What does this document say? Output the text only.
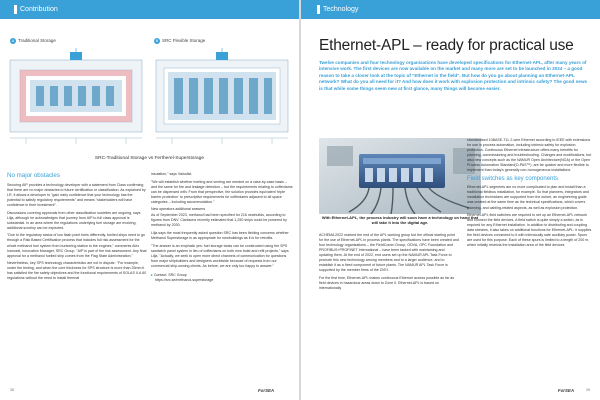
Contribution
A Traditional Storage	B SRC Flexible Storage
SRC-Traditional Storage vs Fertherel-Superstorage
No major obstacles

Securing AIP provides a technology developer with a statement from Class confirming that there are no major obstacles to future certification or classification. As explained by LR, it allows a developer to "gain early confidence that your technology has the potential to satisfy regulatory requirements" and means "stakeholders will have confidence in their investment".

Discussions covering approvals from other classification societies are ongoing, says Lilja, although he acknowledges that journey from AIP to full class approval is substantial. In an area where the regulations underlying fuel storage are evolving, additional scrutiny can be expected.

"Due to the regulatory status of low flash point fuels differently, fuelled ships need to go through a Risk Based Certification process that includes full risk assessment for the whole methanol fuel system from bunkering station to the engines," comments Alex Ivanoski, Innovation Manager, SRC Group. "AIP is part of the risk assessment. Any final approval for a methanol fuelled ship comes from the Flag State Administration."

Nevertheless, key SPS technology characteristics are not in dispute. "For example, under the testing, and when the core thickness for SPS structure is more than 25mm it has satisfied the fire safety objectives and the functional requirements of SOLAS II-A 60 regulations without the need to install thermal

insulation," says Vainolist.

"We will establish whether inerting and venting are needed on a case-by-case basis – and the same for fire and leakage detection – but the requirements relating to cofferdams can be dispensed with. From that perspective, the solution provides equivalent 'triple barrier protection' to prescriptive requirements for cofferdams adjacent to all space categories – including accommodation."

New operators additional answers

As of September 2023, methanol had been specified for 216 newbuilds, according to figures from DNV. Clarksons recently estimated that 1,250 ships could be powered by methanol by 2030.

Lilja says the most frequently asked question SRC has been fielding concerns whether Methanol Superstorage is as appropriate for newbuildings as it is for retrofits.

"The answer is an emphatic yes: fuel storage tanks can be constructed using the SPS sandwich panel system in lieu of cofferdams on both new build and refit projects," says Lilja. "Actually, we seek to open more direct channels of communication for questions from major shipbuilders and designers worldwide because of requests from our commercial ship-owning clients. As before, we are only too happy to answer."

▸ Contact: SRC Group
https://src.se/methanol-superstorage
38	ForSEA
Technology
Ethernet-APL – ready for practical use
Twelve companies and four technology organisations have developed specifications for Ethernet-APL, after many years of intensive work. The first devices are now available on the market and many more are set to be launched in 2024 – a good reason to take a closer look at the topic of "Ethernet in the field". But how do you go about planning an Ethernet-APL network? What do you all need for it? And how does it work with explosion protection and intrinsic safety? The good news is that while some things seem new at first glance, many things will become easier.
With Ethernet-APL, the process industry will soon have a technology on hand that will take it into the digital age.

ACHEMA 2022 marked the end of the APL working group but the official starting point for the use of Ethernet-APL in process plants. The specifications have been created and four technology organisations – the FieldComm Group, ODVA, OPC Foundation and PROFIBUS+PROFINET International – have been tasked with maintaining and updating them. At the end of 2022, end users set up the NAMUR APL Task Force to promote this new technology among members and to a larger audience, and to establish it as a fixed component of future plants. The NAMUR APL Task Force is supported by the member firms of the ZVEI.

For the first time, Ethernet-APL makes continuous Ethernet access possible as far as field devices in hazardous areas down to Zone 0. Ethernet-APL is based on internationally

standardised 10BASE-T1L 2-wire Ethernet according to IEEE with extensions for use in process automation, including intrinsic safety for explosion protection. Continuous Ethernet infrastructure offers many benefits for planning, commissioning and troubleshooting. Changes and modifications, but also new concepts such as the NAMUR Open Architecture(NOA) or the Open Process Automation Standard(O-PAS™), are far quicker and more flexible to implement than today's generally non-homogeneous installations.

Field switches as key components

Ethernet-APL segments are no more complicated to plan and install than a traditional fieldbus installation, for example. So that planners, integrators and installation technicians are supported from the outset, an engineering guide was created at the same time as the technical specifications, which covers planning, and cabling-related aspects, as well as explosion protection.

Ethernet-APL field switches are required to set up an Ethernet-APL network and connect the field devices. A field switch is quite simply a switch, as is required for any Ethernet installation. In addition to distributing and coupling data streams, it also takes on additional functions for Ethernet-APL: it supplies the field devices connected to it with intrinsically safe auxiliary power. Spurs are used for this purpose. Each of these spurs is limited to a length of 200 m, which initially restricts the installation area of the field devices

39
ForSEA
